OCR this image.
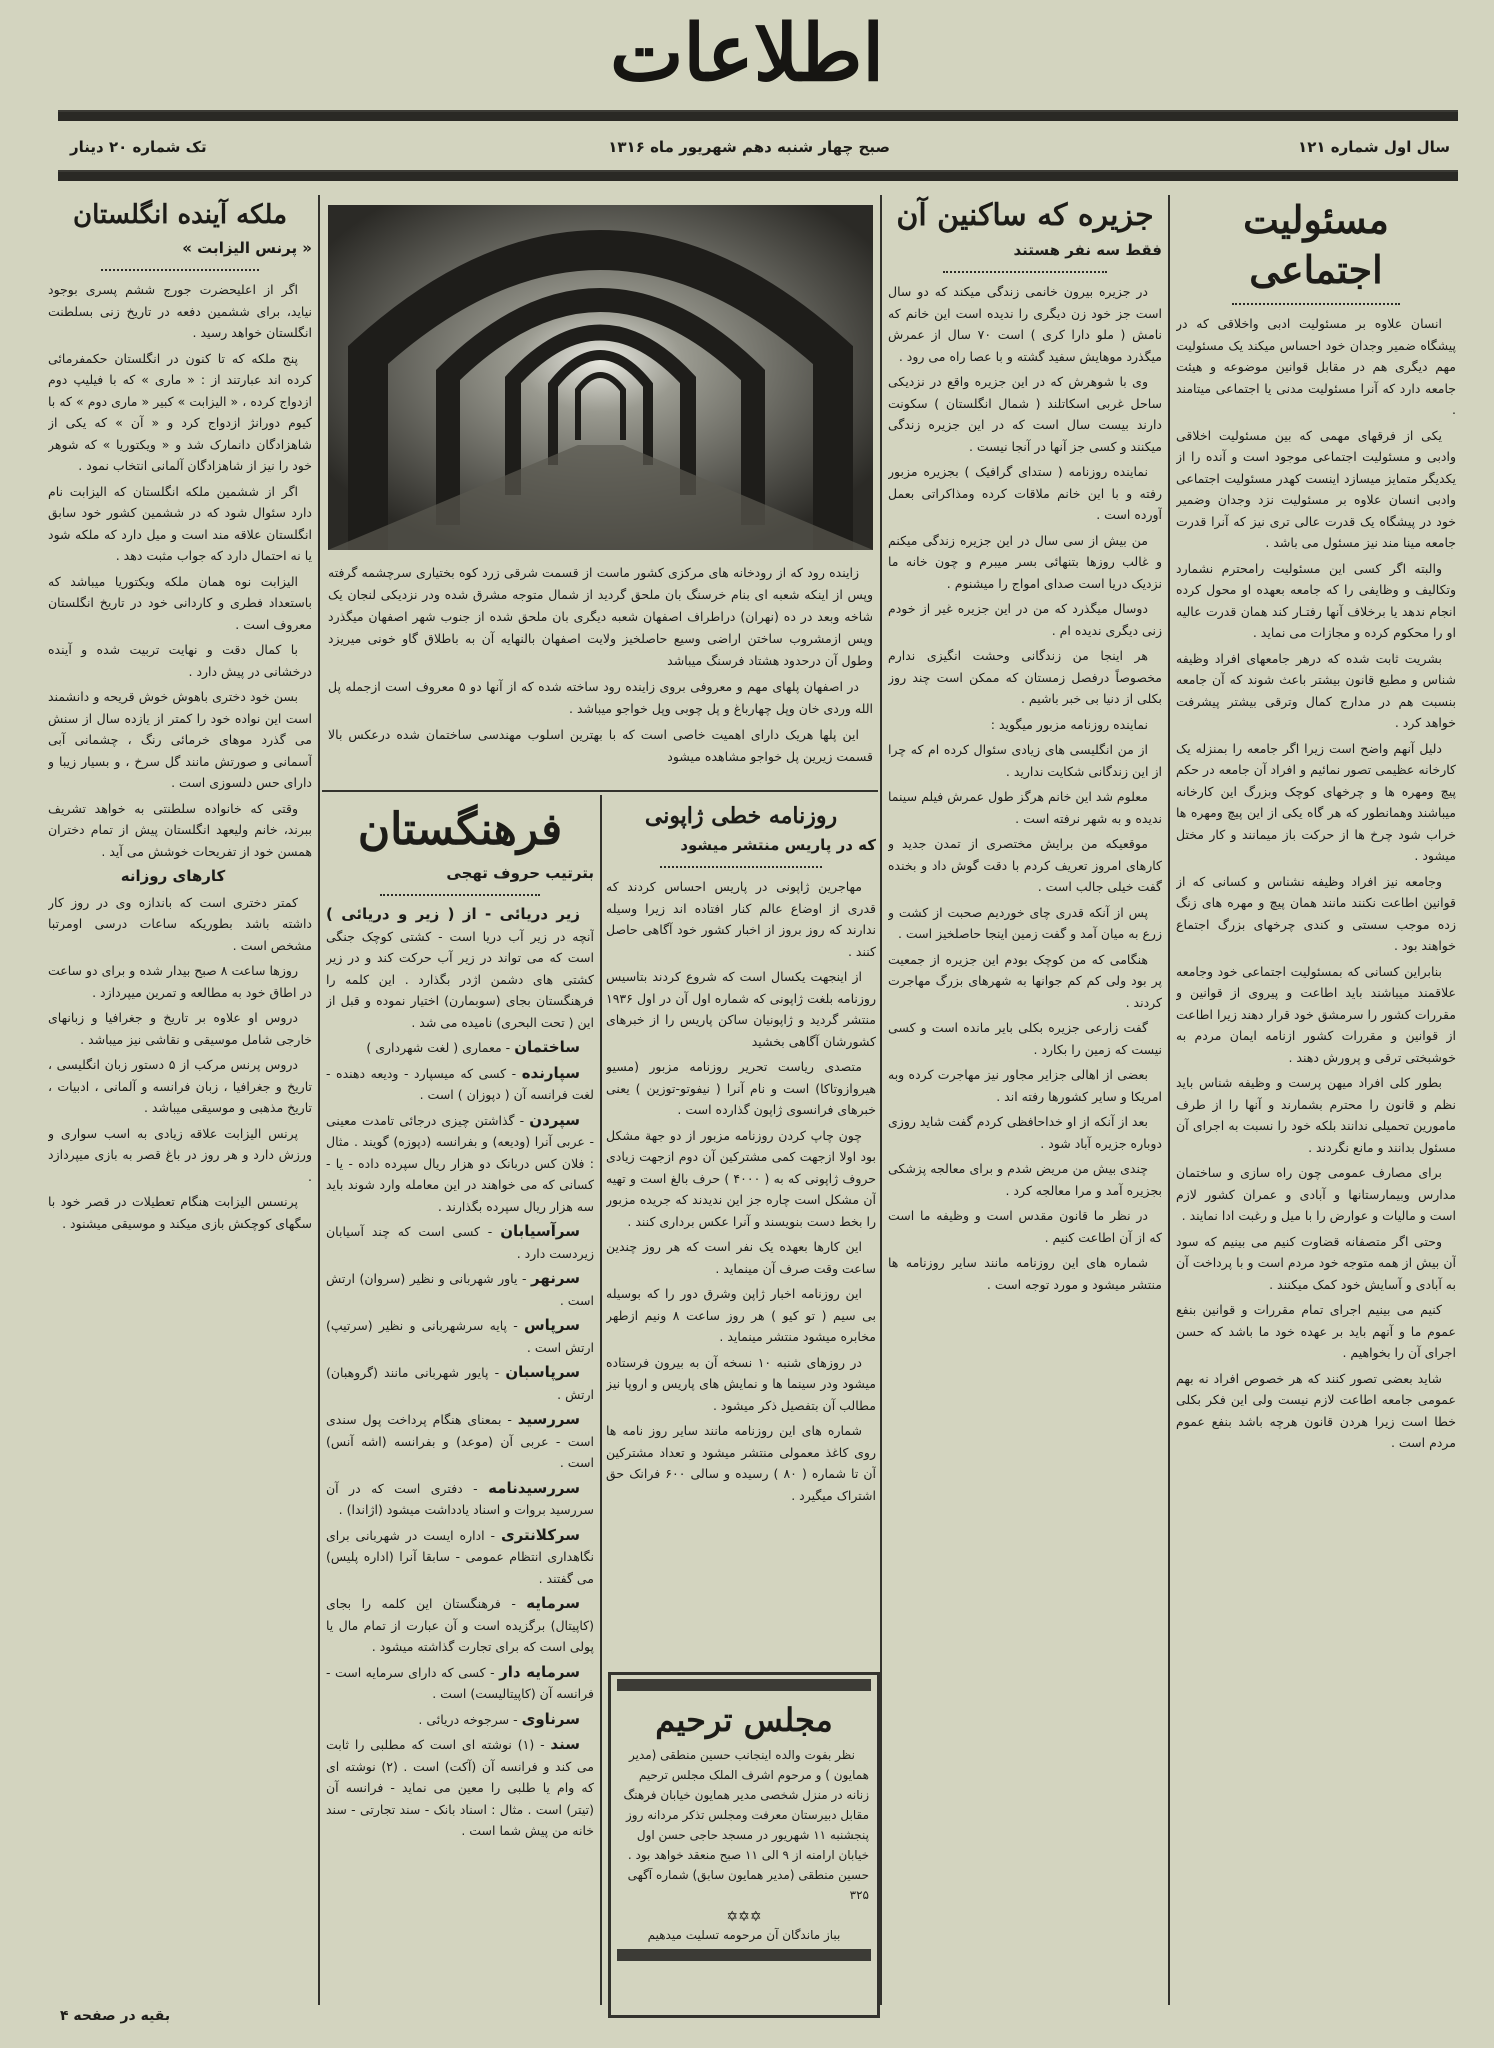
اطلاعات
سال اول شماره ۱۲۱
صبح چهار شنبه دهم شهریور ماه ۱۳۱۶
تک شماره ۲۰ دینار
مسئولیت اجتماعی

انسان علاوه بر مسئولیت ادبی واخلاقی که در پیشگاه ضمیر وجدان خود احساس میکند یک مسئولیت مهم دیگری هم در مقابل قوانین موضوعه و هیئت جامعه دارد که آنرا مسئولیت مدنی یا اجتماعی میتامند .

یکی از فرقهای مهمی که بین مسئولیت اخلاقی وادبی و مسئولیت اجتماعی موجود است و آنده را از یکدیگر متمایز میسازد اینست کهدر مسئولیت اجتماعی وادبی انسان علاوه بر مسئولیت نزد وجدان وضمیر خود در پیشگاه یک قدرت عالی تری نیز که آنرا قدرت جامعه مینا مند نیز مسئول می باشد .

والبته اگر کسی این مسئولیت رامحترم نشمارد وتکالیف و وظایفی را که جامعه بعهده او محول کرده انجام ندهد یا برخلاف آنها رفتـار کند همان قدرت عالیه او را محکوم کرده و مجازات می نماید .

بشریت ثابت شده که درهر جامعهای افراد وظیفه شناس و مطیع قانون بیشتر باعث شوند که آن جامعه بنسبت هم در مدارج کمال وترقی بیشتر پیشرفت خواهد کرد .

دلیل آنهم واضح است زیرا اگر جامعه را بمنزله یک کارخانه عظیمی تصور نمائیم و افراد آن جامعه در حکم پیچ ومهره ها و چرخهای کوچک وبزرگ این کارخانه میباشند وهمانطور که هر گاه یکی از این پیچ ومهره ها خراب شود چرخ ها از حرکت باز میمانند و کار مختل میشود .

وجامعه نیز افراد وظیفه نشناس و کسانی که از قوانین اطاعت نکنند مانند همان پیچ و مهره های زنگ زده موجب سستی و کندی چرخهای بزرگ اجتماع خواهند بود .

بنابراین کسانی که بمسئولیت اجتماعی خود وجامعه علاقمند میباشند باید اطاعت و پیروی از قوانین و مقررات کشور را سرمشق خود قرار دهند زیرا اطاعت از قوانین و مقررات کشور ازنامه ایمان مردم به خوشبختی ترقی و پرورش دهند .

بطور کلی افراد میهن پرست و وظیفه شناس باید نظم و قانون را محترم بشمارند و آنها را از طرف مامورین تحمیلی ندانند بلکه خود را نسبت به اجرای آن مسئول بدانند و مانع نگردند .

برای مصارف عمومی چون راه سازی و ساختمان مدارس وبیمارستانها و آبادی و عمران کشور لازم است و مالیات و عوارض را با میل و رغبت ادا نمایند .

وحتی اگر متصفانه قضاوت کنیم می بینیم که سود آن بیش از همه متوجه خود مردم است و با پرداخت آن به آبادی و آسایش خود کمک میکنند .

کنیم می بینیم اجرای تمام مقررات و قوانین بنفع عموم ما و آنهم باید بر عهده خود ما باشد که حسن اجرای آن را بخواهیم .

شاید بعضی تصور کنند که هر خصوص افراد نه بهم عمومی جامعه اطاعت لازم نیست ولی این فکر بکلی خطا است زیرا هردن قانون هرچه باشد بنفع عموم مردم است .

جزیره که ساکنین آن
فقط سه نفر هستند

در جزیره بیرون خانمی زندگی میکند که دو سال است جز خود زن دیگری را ندیده است این خانم که نامش ( ملو دارا کری ) است ۷۰ سال از عمرش میگذرد موهایش سفید گشته و با عصا راه می رود .

وی با شوهرش که در این جزیره واقع در نزدیکی ساحل غربی اسکاتلند ( شمال انگلستان ) سکونت دارند بیست سال است که در این جزیره زندگی میکنند و کسی جز آنها در آنجا نیست .

نماینده روزنامه ( ستدای گرافیک ) بجزیره مزبور رفته و با این خانم ملاقات کرده ومذاکراتی بعمل آورده است .

من بیش از سی سال در این جزیره زندگی میکنم و غالب روزها بتنهائی بسر میبرم و چون خانه ما نزدیک دریا است صدای امواج را میشنوم .

دوسال میگذرد که من در این جزیره غیر از خودم زنی دیگری ندیده ام .

هر اینجا من زندگانی وحشت انگیزی ندارم مخصوصاً درفصل زمستان که ممکن است چند روز بکلی از دنیا بی خبر باشیم .

نماینده روزنامه مزبور میگوید :

از من انگلیسی های زیادی سئوال کرده ام که چرا از این زندگانی شکایت ندارید .

معلوم شد این خانم هرگز طول عمرش فیلم سینما ندیده و به شهر نرفته است .

موقعیکه من برایش مختصری از تمدن جدید و کارهای امروز تعریف کردم با دقت گوش داد و بخنده گفت خیلی جالب است .

پس از آنکه قدری چای خوردیم صحبت از کشت و زرع به میان آمد و گفت زمین اینجا حاصلخیز است .

هنگامی که من کوچک بودم این جزیره از جمعیت پر بود ولی کم کم جوانها به شهرهای بزرگ مهاجرت کردند .

گفت زارعی جزیره بکلی بایر مانده است و کسی نیست که زمین را بکارد .

بعضی از اهالی جزایر مجاور نیز مهاجرت کرده وبه امریکا و سایر کشورها رفته اند .

بعد از آنکه از او خداحافظی کردم گفت شاید روزی دوباره جزیره آباد شود .

چندی بیش من مریض شدم و برای معالجه پزشکی بجزیره آمد و مرا معالجه کرد .

در نظر ما قانون مقدس است و وظیفه ما است که از آن اطاعت کنیم .

شماره های این روزنامه مانند سایر روزنامه ها منتشر میشود و مورد توجه است .

زاینده رود که از رودخانه های مرکزی کشور ماست از قسمت شرقی زرد کوه بختیاری سرچشمه گرفته وپس از اینکه شعبه ای بنام خرسنگ بان ملحق گردید از شمال متوجه مشرق شده ودر نزدیکی لنجان یک شاخه وبعد در ده (نهران) دراطراف اصفهان شعبه دیگری بان ملحق شده از جنوب شهر اصفهان میگذرد وپس ازمشروب ساختن اراضی وسیع حاصلخیز ولایت اصفهان بالنهایه آن به باطلاق گاو خونی میریزد وطول آن درحدود هشتاد فرسنگ میباشد

در اصفهان پلهای مهم و معروفی بروی زاینده رود ساخته شده که از آنها دو ۵ معروف است ازجمله پل الله وردی خان وپل چهارباغ و پل چوبی وپل خواجو میباشد .

این پلها هریک دارای اهمیت خاصی است که با بهترین اسلوب مهندسی ساختمان شده درعکس بالا قسمت زیرین پل خواجو مشاهده میشود

روزنامه خطی ژاپونی
که در پاریس منتشر میشود

مهاجرین ژاپونی در پاریس احساس کردند که قدری از اوضاع عالم کنار افتاده اند زیرا وسیله ندارند که روز بروز از اخبار کشور خود آگاهی حاصل کنند .

از اینجهت یکسال است که شروع کردند بتاسیس روزنامه بلغت ژاپونی که شماره اول آن در اول ۱۹۳۶ منتشر گردید و ژاپونیان ساکن پاریس را از خبرهای کشورشان آگاهی بخشید

متصدی ریاست تحریر روزنامه مزبور (مسیو هیروازوتاکا) است و نام آنرا ( نیفوتو-توزین ) یعنی خبرهای فرانسوی ژاپون گذارده است .

چون چاپ کردن روزنامه مزبور از دو جهة مشکل بود اولا ازجهت کمی مشترکین آن دوم ازجهت زیادی حروف ژاپونی که به ( ۴۰۰۰ ) حرف بالغ است و تهیه آن مشکل است چاره جز این ندیدند که جریده مزبور را بخط دست بنویسند و آنرا عکس برداری کنند .

این کارها بعهده یک نفر است که هر روز چندین ساعت وقت صرف آن مینماید .

این روزنامه اخبار ژاپن وشرق دور را که بوسیله بی سیم ( تو کیو ) هر روز ساعت ۸ ونیم ازطهر مخابره میشود منتشر مینماید .

در روزهای شنبه ۱۰ نسخه آن به بیرون فرستاده میشود ودر سینما ها و نمایش های پاریس و اروپا نیز مطالب آن بتفصیل ذکر میشود .

شماره های این روزنامه مانند سایر روز نامه ها روی کاغذ معمولی منتشر میشود و تعداد مشترکین آن تا شماره ( ۸۰ ) رسیده و سالی ۶۰۰ فرانک حق اشتراک میگیرد .

مجلس ترحیم

نظر بفوت والده اینجانب حسین منطقی (مدیر همایون ) و مرحوم اشرف الملک مجلس ترحیم زنانه در منزل شخصی مدیر همایون خیابان فرهنگ مقابل دبیرستان معرفت ومجلس تذکر مردانه روز پنجشنبه ۱۱ شهریور در مسجد حاجی حسن اول خیابان ارامنه از ۹ الی ۱۱ صبح منعقد خواهد بود . حسین منطقی (مدیر همایون سابق) شماره آگهی ۳۲۵

✡✡✡

بباز ماندگان آن مرحومه تسلیت میدهیم

فرهنگستان
بترتیب حروف تهجی

زیر دریائی - از ( زیر و دریائی ) آنچه در زیر آب دریا است - کشتی کوچک جنگی است که می تواند در زیر آب حرکت کند و در زیر کشتی های دشمن اژدر بگذارد . این کلمه را فرهنگستان بجای (سوبمارن) اختیار نموده و قبل از این ( تحت البحری) نامیده می شد .

ساختمان - معماری ( لغت شهرداری )

سپارنده - کسی که میسپارد - ودیعه دهنده - لغت فرانسه آن ( دپوزان ) است .

سپردن - گذاشتن چیزی درجائی تامدت معینی - عربی آنرا (ودیعه) و بفرانسه (دپوزه) گویند . مثال : فلان کس دربانک دو هزار ریال سپرده داده - یا - کسانی که می خواهند در این معامله وارد شوند باید سه هزار ریال سپرده بگذارند .

سرآسیابان - کسی است که چند آسیابان زیردست دارد .

سرنهر - یاور شهربانی و نظیر (سروان) ارتش است .

سرپاس - پایه سرشهربانی و نظیر (سرتیپ) ارتش است .

سرپاسبان - پایور شهربانی مانند (گروهبان) ارتش .

سررسید - بمعنای هنگام پرداخت پول سندی است - عربی آن (موعد) و بفرانسه (اشه آنس) است .

سررسیدنامه - دفتری است که در آن سررسید بروات و اسناد یادداشت میشود (اژاندا) .

سرکلانتری - اداره ایست در شهربانی برای نگاهداری انتظام عمومی - سابقا آنرا (اداره پلیس) می گفتند .

سرمایه - فرهنگستان این کلمه را بجای (کاپیتال) برگزیده است و آن عبارت از تمام مال یا پولی است که برای تجارت گذاشته میشود .

سرمایه دار - کسی که دارای سرمایه است - فرانسه آن (کاپیتالیست) است .

سرناوی - سرجوخه دریائی .

سند - (۱) نوشته ای است که مطلبی را ثابت می کند و فرانسه آن (آکت) است . (۲) نوشته ای که وام یا طلبی را معین می نماید - فرانسه آن (تیتر) است . مثال : اسناد بانک - سند تجارتی - سند خانه من پیش شما است .

ملکه آینده انگلستان
« پرنس الیزابت »

اگر از اعلیحضرت جورج ششم پسری بوجود نیاید، برای ششمین دفعه در تاریخ زنی بسلطنت انگلستان خواهد رسید .

پنج ملکه که تا کنون در انگلستان حکمفرمائی کرده اند عبارتند از : « ماری » که با فیلیپ دوم ازدواج کرده ، « الیزابت » کبیر « ماری دوم » که با کیوم دورانژ ازدواج کرد و « آن » که یکی از شاهزادگان دانمارک شد و « ویکتوریا » که شوهر خود را نیز از شاهزادگان آلمانی انتخاب نمود .

اگر از ششمین ملکه انگلستان که الیزابت نام دارد سئوال شود که در ششمین کشور خود سابق انگلستان علاقه مند است و میل دارد که ملکه شود یا نه احتمال دارد که جواب مثبت دهد .

الیزابت نوه همان ملکه ویکتوریا میباشد که باستعداد فطری و کاردانی خود در تاریخ انگلستان معروف است .

با کمال دقت و نهایت تربیت شده و آینده درخشانی در پیش دارد .

بسن خود دختری باهوش خوش قریحه و دانشمند است این نواده خود را کمتر از یازده سال از سنش می گذرد موهای خرمائی رنگ ، چشمانی آبی آسمانی و صورتش مانند گل سرخ ، و بسیار زیبا و دارای حس دلسوزی است .

وقتی که خانواده سلطنتی به خواهد تشریف ببرند، خانم ولیعهد انگلستان پیش از تمام دختران همسن خود از تفریحات خوشش می آید .

کارهای روزانه

کمتر دختری است که باندازه وی در روز کار داشته باشد بطوریکه ساعات درسی اومرتبا مشخص است .

روزها ساعت ۸ صبح بیدار شده و برای دو ساعت در اطاق خود به مطالعه و تمرین میپردازد .

دروس او علاوه بر تاریخ و جغرافیا و زبانهای خارجی شامل موسیقی و نقاشی نیز میباشد .

دروس پرنس مرکب از ۵ دستور زبان انگلیسی ، تاریخ و جغرافیا ، زبان فرانسه و آلمانی ، ادبیات ، تاریخ مذهبی و موسیقی میباشد .

پرنس الیزابت علاقه زیادی به اسب سواری و ورزش دارد و هر روز در باغ قصر به بازی میپردازد .

پرنسس الیزابت هنگام تعطیلات در قصر خود با سگهای کوچکش بازی میکند و موسیقی میشنود .

بقیه در صفحه ۴
